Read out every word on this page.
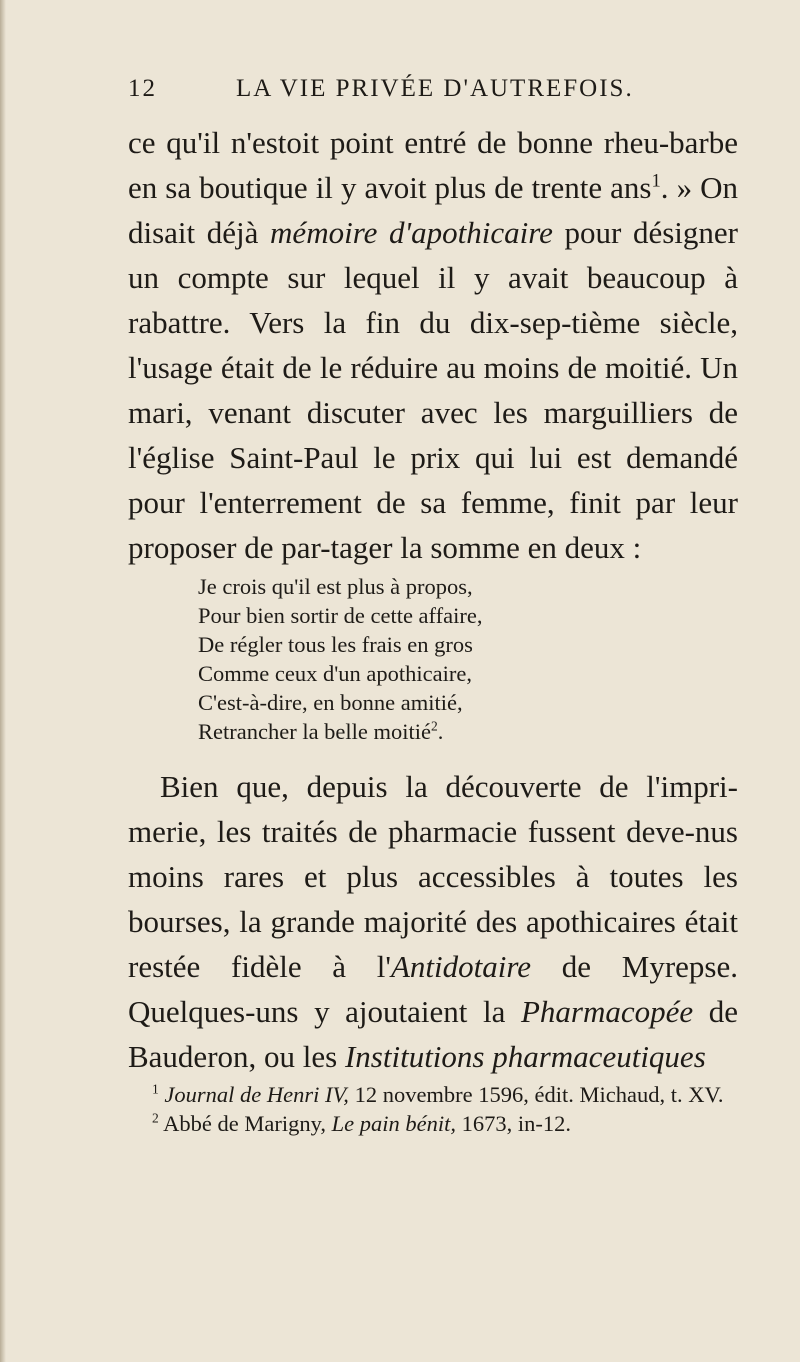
12	LA VIE PRIVÉE D'AUTREFOIS.

ce qu'il n'estoit point entré de bonne rheu-barbe en sa boutique il y avoit plus de trente ans$^1$. » On disait déjà mémoire d'apothicaire pour désigner un compte sur lequel il y avait beaucoup à rabattre. Vers la fin du dix-sep-tième siècle, l'usage était de le réduire au moins de moitié. Un mari, venant discuter avec les marguilliers de l'église Saint-Paul le prix qui lui est demandé pour l'enterrement de sa femme, finit par leur proposer de par-tager la somme en deux :

Je crois qu'il est plus à propos,
Pour bien sortir de cette affaire,
De régler tous les frais en gros
Comme ceux d'un apothicaire,
C'est-à-dire, en bonne amitié,
Retrancher la belle moitié$^2$.

Bien que, depuis la découverte de l'impri-merie, les traités de pharmacie fussent deve-nus moins rares et plus accessibles à toutes les bourses, la grande majorité des apothicaires était restée fidèle à l'Antidotaire de Myrepse. Quelques-uns y ajoutaient la Pharmacopée de Bauderon, ou les Institutions pharmaceutiques

$^1$ Journal de Henri IV, 12 novembre 1596, édit. Michaud, t. XV.

$^2$ Abbé de Marigny, Le pain bénit, 1673, in-12.
